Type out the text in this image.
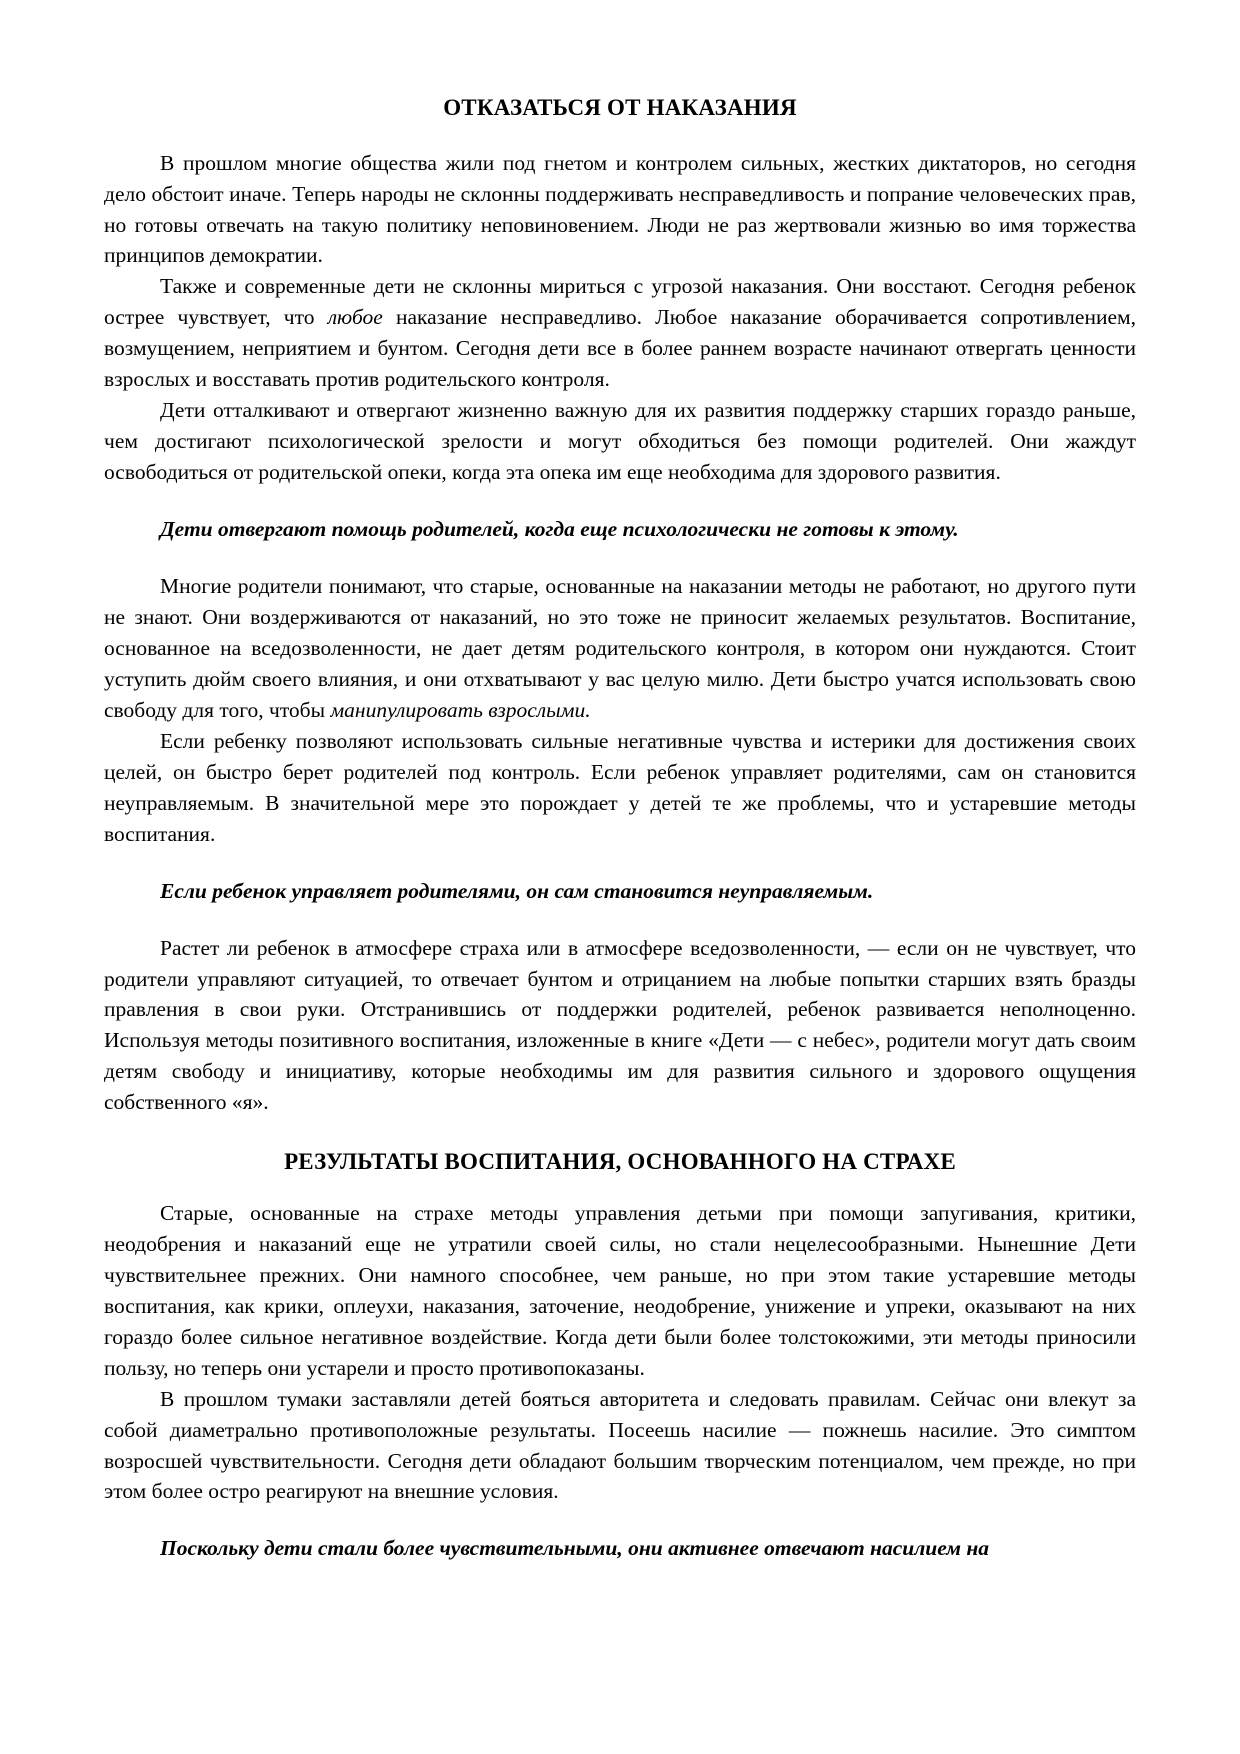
ОТКАЗАТЬСЯ ОТ НАКАЗАНИЯ

В прошлом многие общества жили под гнетом и контролем сильных, жестких диктаторов, но сегодня дело обстоит иначе. Теперь народы не склонны поддерживать несправедливость и попрание человеческих прав, но готовы отвечать на такую политику неповиновением. Люди не раз жертвовали жизнью во имя торжества принципов демократии.

Также и современные дети не склонны мириться с угрозой наказания. Они восстают. Сегодня ребенок острее чувствует, что любое наказание несправедливо. Любое наказание оборачивается сопротивлением, возмущением, неприятием и бунтом. Сегодня дети все в более раннем возрасте начинают отвергать ценности взрослых и восставать против родительского контроля.

Дети отталкивают и отвергают жизненно важную для их развития поддержку старших гораздо раньше, чем достигают психологической зрелости и могут обходиться без помощи родителей. Они жаждут освободиться от родительской опеки, когда эта опека им еще необходима для здорового развития.

Дети отвергают помощь родителей, когда еще психологически не готовы к этому.

Многие родители понимают, что старые, основанные на наказании методы не работают, но другого пути не знают. Они воздерживаются от наказаний, но это тоже не приносит желаемых результатов. Воспитание, основанное на вседозволенности, не дает детям родительского контроля, в котором они нуждаются. Стоит уступить дюйм своего влияния, и они отхватывают у вас целую милю. Дети быстро учатся использовать свою свободу для того, чтобы манипулировать взрослыми.

Если ребенку позволяют использовать сильные негативные чувства и истерики для достижения своих целей, он быстро берет родителей под контроль. Если ребенок управляет родителями, сам он становится неуправляемым. В значительной мере это порождает у детей те же проблемы, что и устаревшие методы воспитания.

Если ребенок управляет родителями, он сам становится неуправляемым.

Растет ли ребенок в атмосфере страха или в атмосфере вседозволенности, — если он не чувствует, что родители управляют ситуацией, то отвечает бунтом и отрицанием на любые попытки старших взять бразды правления в свои руки. Отстранившись от поддержки родителей, ребенок развивается неполноценно. Используя методы позитивного воспитания, изложенные в книге «Дети — с небес», родители могут дать своим детям свободу и инициативу, которые необходимы им для развития сильного и здорового ощущения собственного «я».

РЕЗУЛЬТАТЫ ВОСПИТАНИЯ, ОСНОВАННОГО НА СТРАХЕ

Старые, основанные на страхе методы управления детьми при помощи запугивания, критики, неодобрения и наказаний еще не утратили своей силы, но стали нецелесообразными. Нынешние Дети чувствительнее прежних. Они намного способнее, чем раньше, но при этом такие устаревшие методы воспитания, как крики, оплеухи, наказания, заточение, неодобрение, унижение и упреки, оказывают на них гораздо более сильное негативное воздействие. Когда дети были более толстокожими, эти методы приносили пользу, но теперь они устарели и просто противопоказаны.

В прошлом тумаки заставляли детей бояться авторитета и следовать правилам. Сейчас они влекут за собой диаметрально противоположные результаты. Посеешь насилие — пожнешь насилие. Это симптом возросшей чувствительности. Сегодня дети обладают большим творческим потенциалом, чем прежде, но при этом более остро реагируют на внешние условия.

Поскольку дети стали более чувствительными, они активнее отвечают насилием на
